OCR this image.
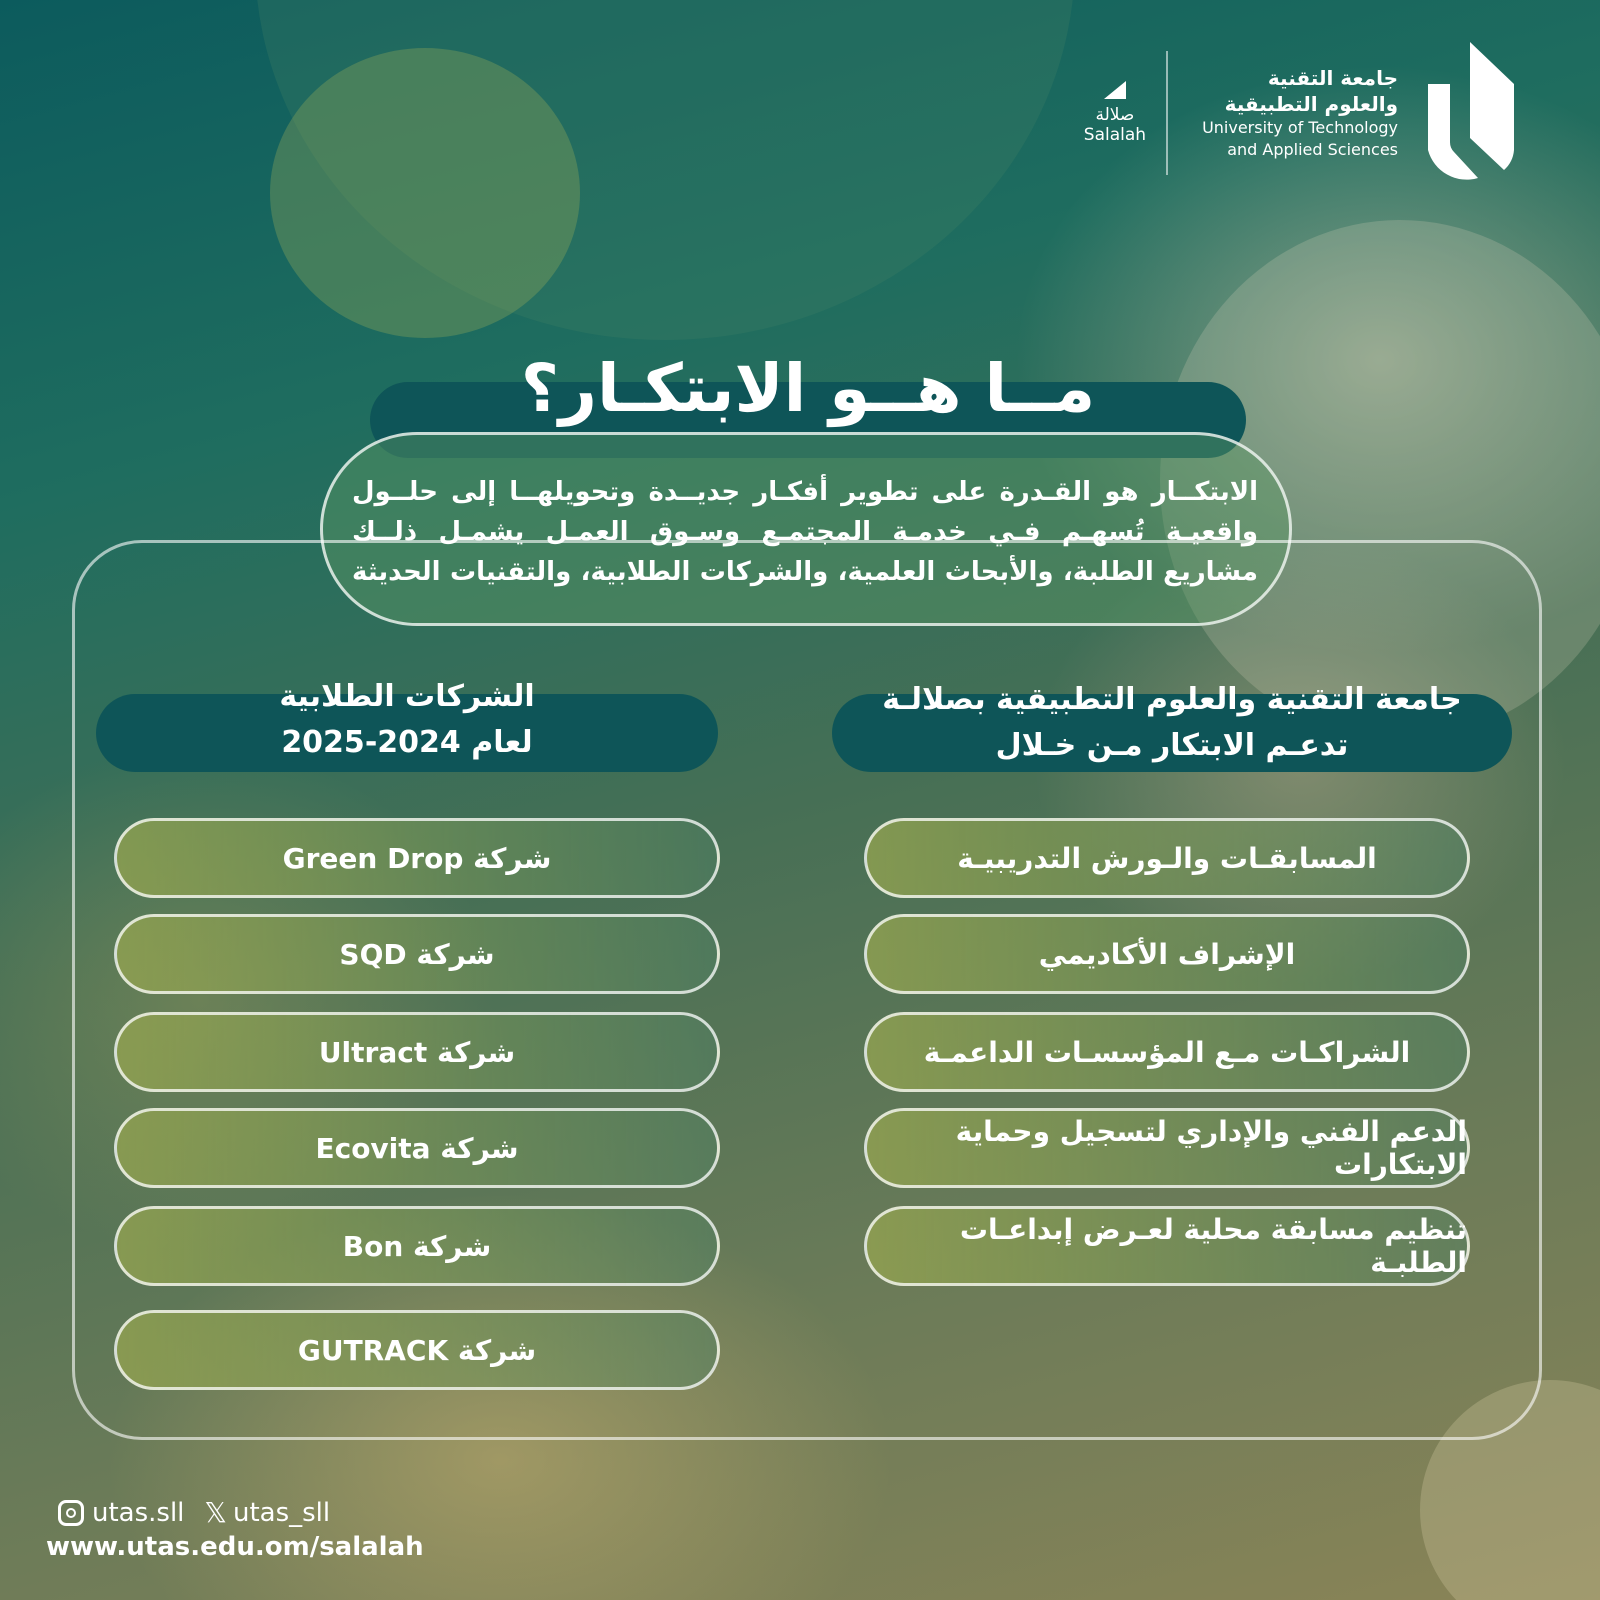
صلالة
Salalah
جامعة التقنية
والعلوم التطبيقية
University of Technology
and Applied Sciences
مــا هــو الابتكـار؟
الابتكــار هو القـدرة على تطوير أفكـار جديــدة وتحويلهــا إلى حلــول واقعيـة تُسهـم فـي خدمـة المجتمـع وسـوق العمـل يشمـل ذلــك مشاريع الطلبة، والأبحاث العلمية، والشركات الطلابية، والتقنيات الحديثة
الشركات الطلابية
لعام 2024-2025
جامعة التقنية والعلوم التطبيقية بصلالـة
تدعـم الابتكار مـن خـلال
شركة Green Drop
شركة SQD
شركة Ultract
شركة Ecovita
شركة Bon
شركة GUTRACK
المسابقـات والـورش التدريبيـة
الإشراف الأكاديمي
الشراكـات مـع المؤسسـات الداعمـة
الدعم الفني والإداري لتسجيل وحماية الابتكارات
تنظيم مسابقة محلية لعـرض إبداعـات الطلبـة
utas.sll 𝕏 utas_sll
www.utas.edu.om/salalah
